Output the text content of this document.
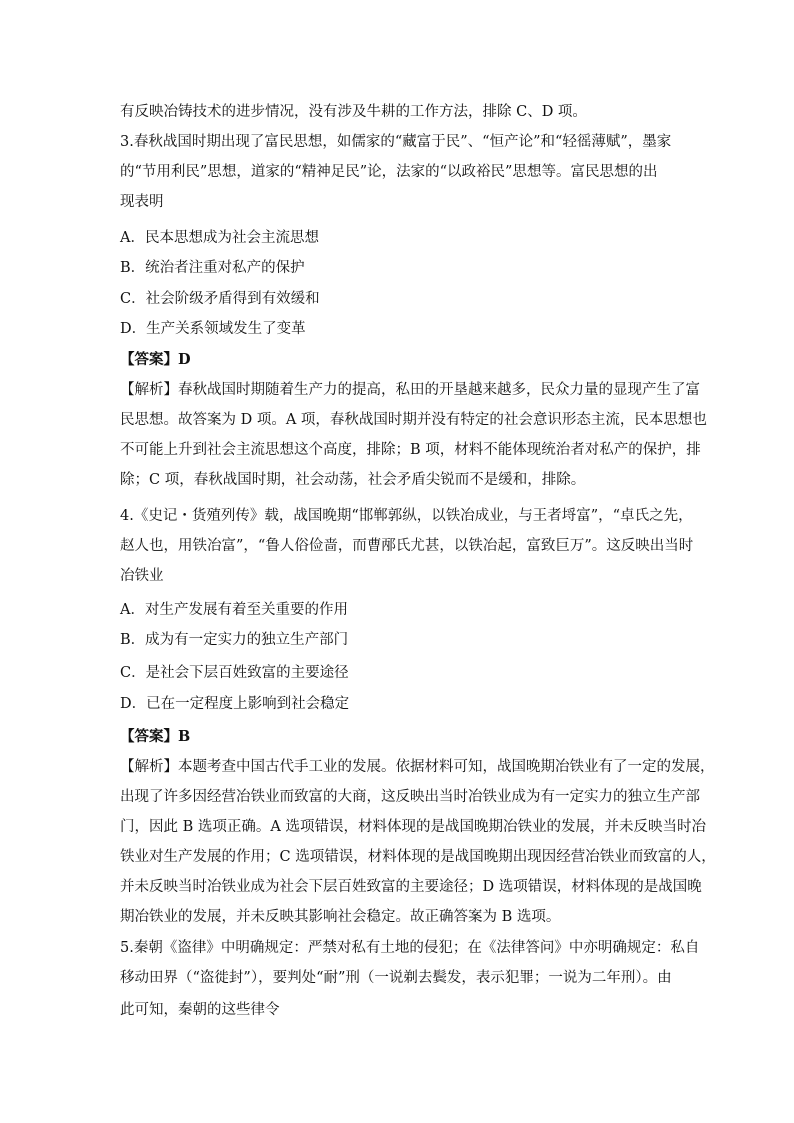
有反映冶铸技术的进步情况，没有涉及牛耕的工作方法，排除 C、D 项。
3.春秋战国时期出现了富民思想，如儒家的“藏富于民”、“恒产论”和“轻徭薄赋”，墨家
的“节用利民”思想，道家的“精神足民”论，法家的“以政裕民”思想等。富民思想的出
现表明
A．民本思想成为社会主流思想
B．统治者注重对私产的保护
C．社会阶级矛盾得到有效缓和
D．生产关系领域发生了变革
【答案】D
【解析】春秋战国时期随着生产力的提高，私田的开垦越来越多，民众力量的显现产生了富
民思想。故答案为 D 项。A 项，春秋战国时期并没有特定的社会意识形态主流，民本思想也
不可能上升到社会主流思想这个高度，排除；B 项，材料不能体现统治者对私产的保护，排
除；C 项，春秋战国时期，社会动荡，社会矛盾尖锐而不是缓和，排除。
4.《史记・货殖列传》载，战国晚期“邯郸郭纵，以铁冶成业，与王者埒富”，“卓氏之先，
赵人也，用铁冶富”，“鲁人俗俭啬，而曹邴氏尤甚，以铁冶起，富致巨万”。这反映出当时
冶铁业
A．对生产发展有着至关重要的作用
B．成为有一定实力的独立生产部门
C．是社会下层百姓致富的主要途径
D．已在一定程度上影响到社会稳定
【答案】B
【解析】本题考查中国古代手工业的发展。依据材料可知，战国晚期冶铁业有了一定的发展，
出现了许多因经营冶铁业而致富的大商，这反映出当时冶铁业成为有一定实力的独立生产部
门，因此 B 选项正确。A 选项错误，材料体现的是战国晚期冶铁业的发展，并未反映当时冶
铁业对生产发展的作用；C 选项错误，材料体现的是战国晚期出现因经营冶铁业而致富的人，
并未反映当时冶铁业成为社会下层百姓致富的主要途径；D 选项错误，材料体现的是战国晚
期冶铁业的发展，并未反映其影响社会稳定。故正确答案为 B 选项。
5.秦朝《盗律》中明确规定：严禁对私有土地的侵犯；在《法律答问》中亦明确规定：私自
移动田界（“盗徙封”），要判处“耐”刑（一说剃去鬓发，表示犯罪；一说为二年刑）。由
此可知，秦朝的这些律令
